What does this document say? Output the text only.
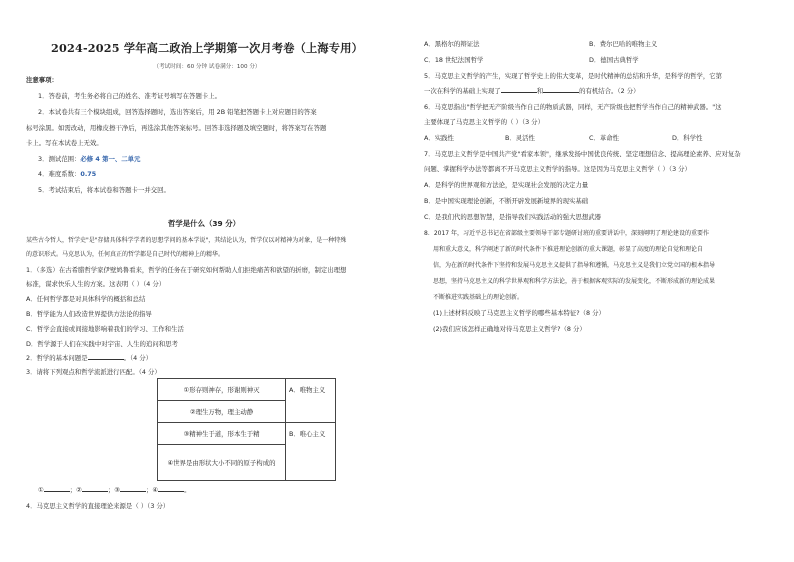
2024-2025 学年高二政治上学期第一次月考卷（上海专用）
（考试时间：60 分钟 试卷满分：100 分）
注意事项：
1．答卷前，考生务必将自己的姓名、准考证号填写在答题卡上。
2．本试卷共有三个模块组成，回答选择题时，选出答案后，用 2B 铅笔把答题卡上对应题目的答案
标号涂黑。如需改动，用橡皮擦干净后，再选涂其他答案标号。回答非选择题及填空题时，将答案写在答题
卡上。写在本试卷上无效。
3．测试范围：必修 4 第一、二单元
4．难度系数：0.75
5．考试结束后，将本试卷和答题卡一并交回。
哲学是什么（39 分）
某些古今哲人，哲学史"是"存储具体科学学者的思想学问的基本学说"，其结论认为，哲学仅以对精神为对象，是一种特殊
的意识形式。马克思认为，任何真正的哲学都是自己时代的精神上的精华。
1．（多选）在古希腊哲学家伊壁鸠鲁看来，哲学的任务在于研究如何帮助人们拒绝痛苦和欲望的折磨，制定出理想
标准，谋求快乐人生的方案。这表明（ ）（4 分）
A．任何哲学都是对具体科学的概括和总结
B．哲学能为人们改造世界提供方法论的指导
C．哲学会直接或间接地影响着我们的学习、工作和生活
D．哲学源于人们在实践中对宇宙、人生的追问和思考
2．哲学的基本问题是	。（4 分）
3．请将下列观点和哲学流派进行匹配。（4 分）
①形存则神存，形谢则神灭	A．唯物主义
②理生万物，理主动静	
③精神生于道，形本生于精	B．唯心主义
④世界是由形状大小不同的原子构成的	
①	；②	；③	；④	。
4．马克思主义哲学的直接理论来源是（ ）（3 分）
A．黑格尔的辩证法	B．费尔巴哈的唯物主义
C．18 世纪法国哲学	D．德国古典哲学
5．马克思主义哲学的产生，实现了哲学史上的伟大变革，是时代精神的总结和升华，是科学的哲学，它第
一次在科学的基础上实现了	和	的有机结合。（2 分）
6．马克思指出"哲学把无产阶级当作自己的物质武器，同样，无产阶级也把哲学当作自己的精神武器。"这
主要体现了马克思主义哲学的（ ）（3 分）
A．实践性	B．灵活性	C．革命性	D．科学性
7．马克思主义哲学是中国共产党"看家本领"，继承发扬中国优良传统、坚定理想信念、提高理论素养、应对复杂
问题、掌握科学办法等都离不开马克思主义哲学的指导。这是因为马克思主义哲学（ ）（3 分）
A．是科学的世界观和方法论，是实现社会发展的决定力量
B．是中国实现理论创新，不断开辟发展新境界的现实基础
C．是我们代的思想智慧，是指导我们实践活动的强大思想武器
8．2017 年，习近平总书记在省部级主要领导干部专题研讨班的重要讲话中，深刻阐明了理论建设的重要作
用和重大意义，科学阐述了新的时代条件下推进理论创新的重大课题，彰显了高度的理论自觉和理论自
信，为在新的时代条件下坚持和发展马克思主义提供了指导和遵循，马克思主义是我们立党立国的根本指导
思想，坚持马克思主义的科学世界观和科学方法论，善于根据客观实际的发展变化，不断形成新的理论成果
不断推进实践基础上的理论创新。
(1)上述材料反映了马克思主义哲学的哪些基本特征?（8 分）
(2)我们应该怎样正确地对待马克思主义哲学?（8 分）
